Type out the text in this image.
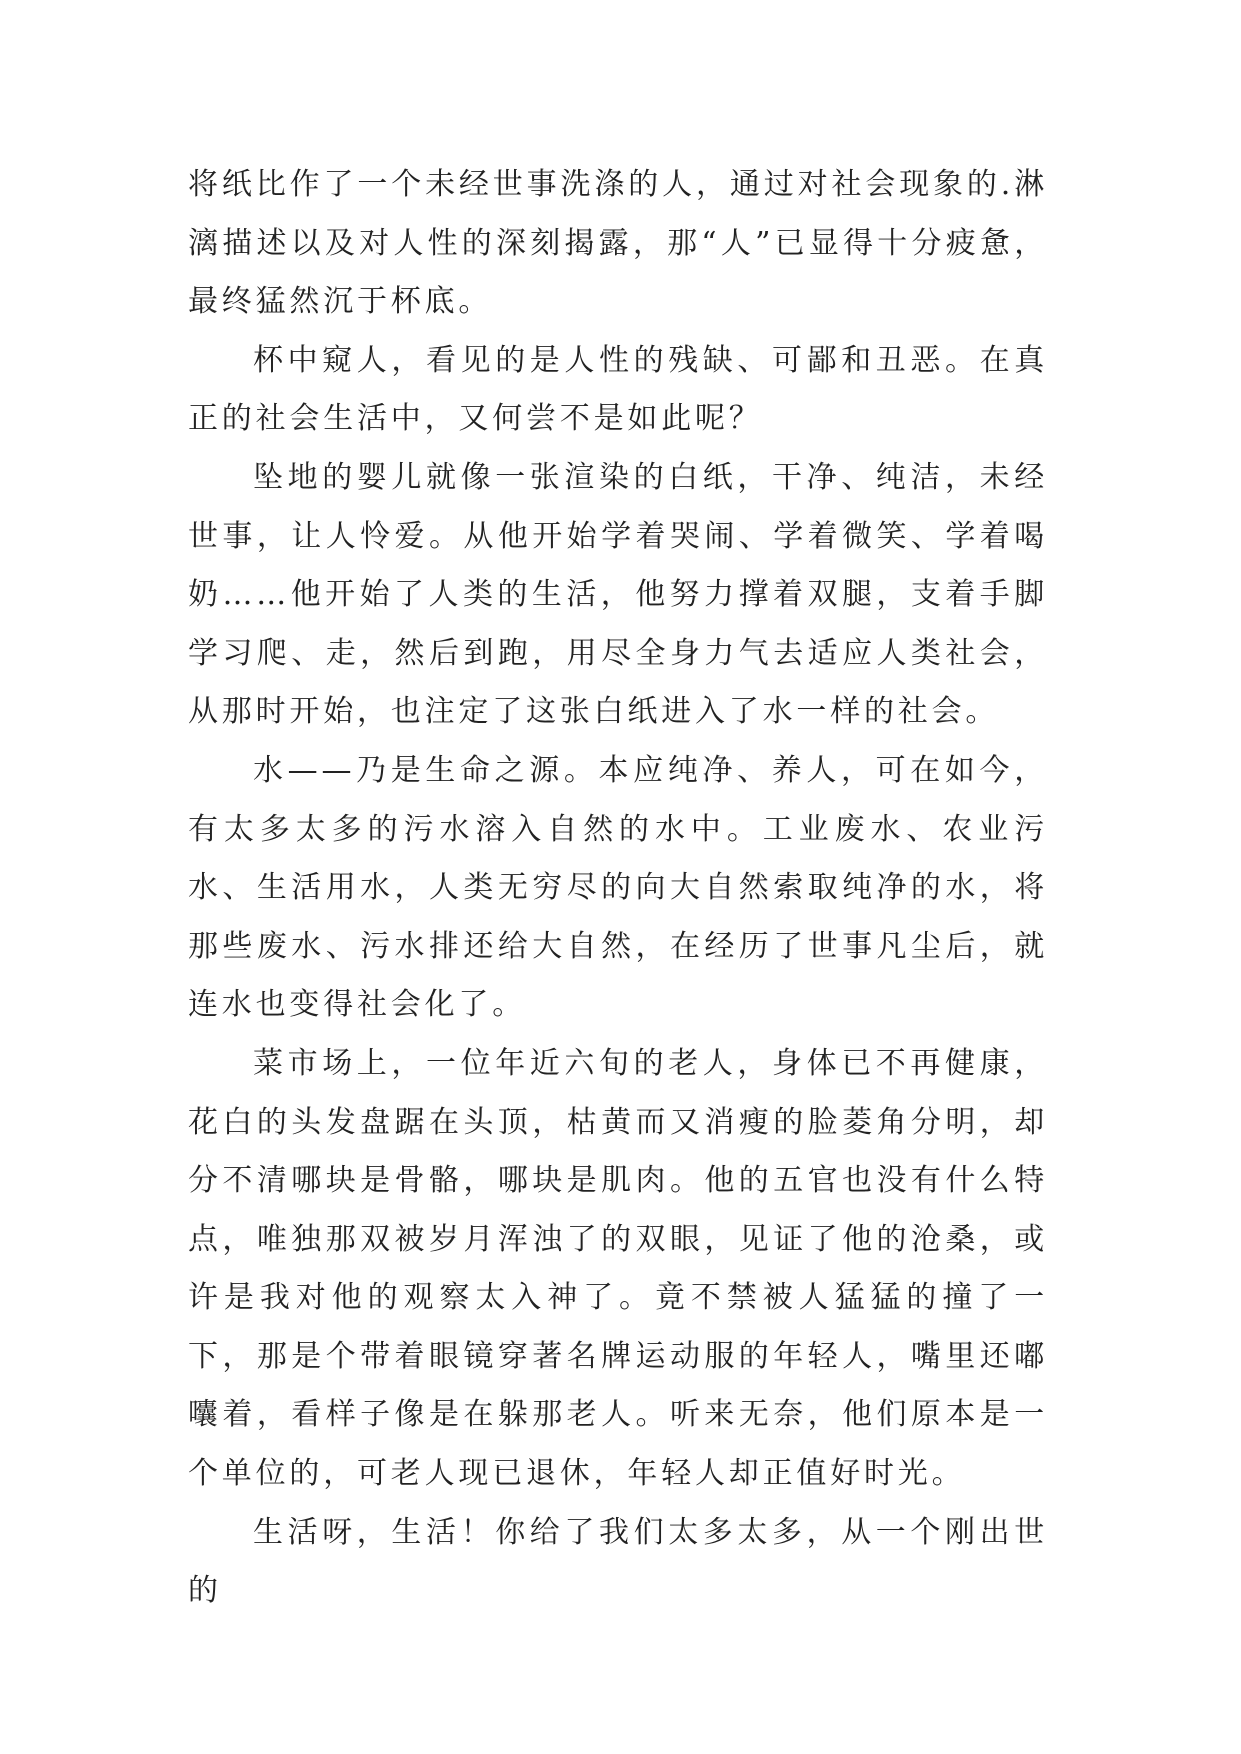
将纸比作了一个未经世事洗涤的人，通过对社会现象的.淋漓描述以及对人性的深刻揭露，那“人”已显得十分疲惫，最终猛然沉于杯底。

杯中窥人，看见的是人性的残缺、可鄙和丑恶。在真正的社会生活中，又何尝不是如此呢？

坠地的婴儿就像一张渲染的白纸，干净、纯洁，未经世事，让人怜爱。从他开始学着哭闹、学着微笑、学着喝奶……他开始了人类的生活，他努力撑着双腿，支着手脚学习爬、走，然后到跑，用尽全身力气去适应人类社会，从那时开始，也注定了这张白纸进入了水一样的社会。

水——乃是生命之源。本应纯净、养人，可在如今，有太多太多的污水溶入自然的水中。工业废水、农业污水、生活用水，人类无穷尽的向大自然索取纯净的水，将那些废水、污水排还给大自然，在经历了世事凡尘后，就连水也变得社会化了。

菜市场上，一位年近六旬的老人，身体已不再健康，花白的头发盘踞在头顶，枯黄而又消瘦的脸菱角分明，却分不清哪块是骨骼，哪块是肌肉。他的五官也没有什么特点，唯独那双被岁月浑浊了的双眼，见证了他的沧桑，或许是我对他的观察太入神了。竟不禁被人猛猛的撞了一下，那是个带着眼镜穿著名牌运动服的年轻人，嘴里还嘟囔着，看样子像是在躲那老人。听来无奈，他们原本是一个单位的，可老人现已退休，年轻人却正值好时光。

生活呀，生活！你给了我们太多太多，从一个刚出世的
